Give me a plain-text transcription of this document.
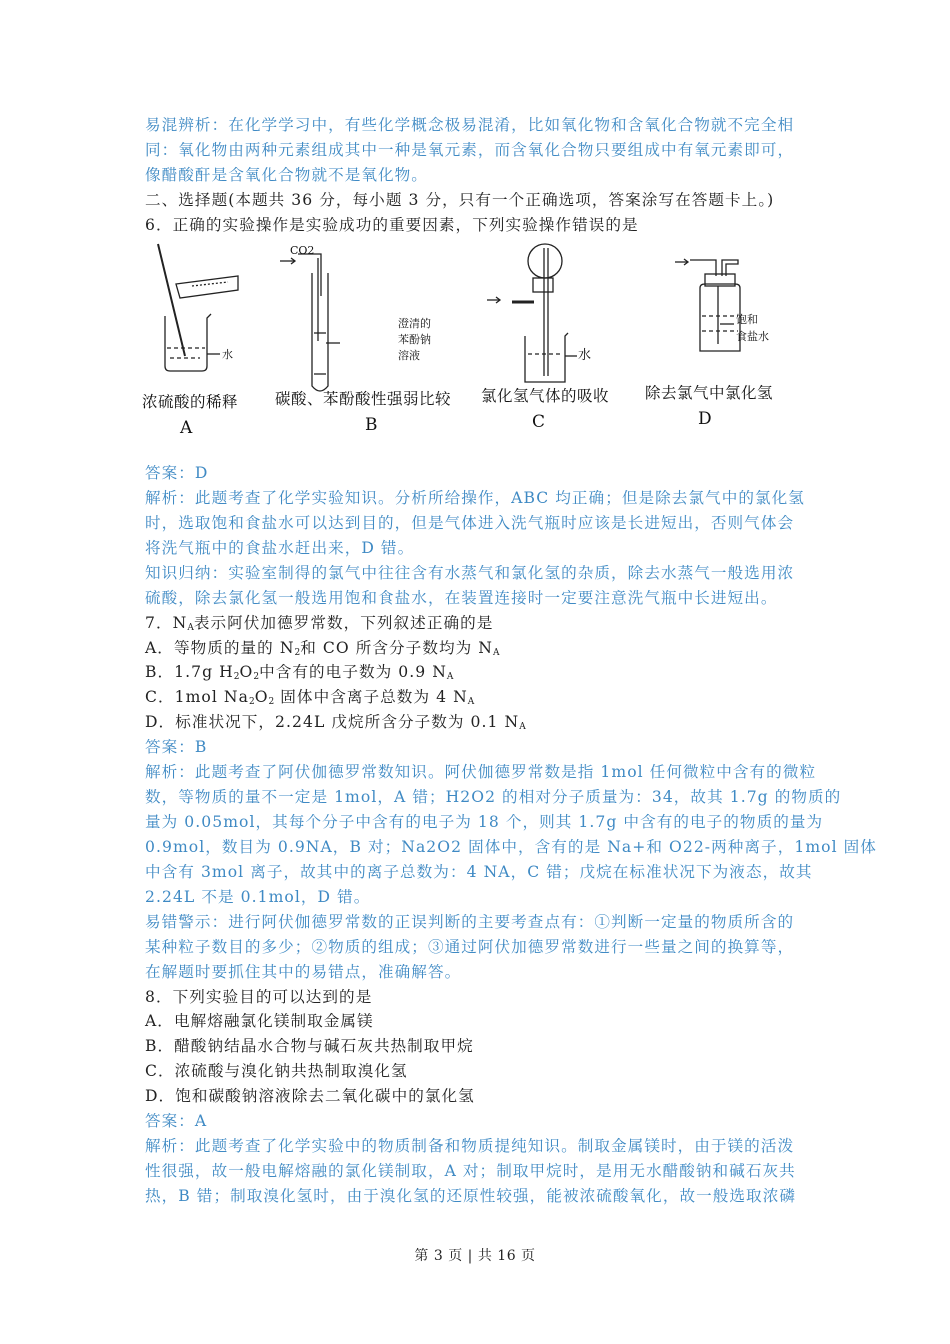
易混辨析：在化学学习中，有些化学概念极易混淆，比如氧化物和含氧化合物就不完全相
同：氧化物由两种元素组成其中一种是氧元素，而含氧化合物只要组成中有氧元素即可，
像醋酸酐是含氧化合物就不是氧化物。
二、选择题(本题共 36 分，每小题 3 分，只有一个正确选项，答案涂写在答题卡上。)
6．正确的实验操作是实验成功的重要因素，下列实验操作错误的是
水
CO2
澄清的
苯酚钠
溶液	水
饱和
食盐水
浓硫酸的稀释 碳酸、苯酚酸性强弱比较 氯化氢气体的吸收 除去氯气中氯化氢
A	B	C	D
答案：D
解析：此题考查了化学实验知识。分析所给操作，ABC 均正确；但是除去氯气中的氯化氢
时，选取饱和食盐水可以达到目的，但是气体进入洗气瓶时应该是长进短出，否则气体会
将洗气瓶中的食盐水赶出来，D 错。
知识归纳：实验室制得的氯气中往往含有水蒸气和氯化氢的杂质，除去水蒸气一般选用浓
硫酸，除去氯化氢一般选用饱和食盐水，在装置连接时一定要注意洗气瓶中长进短出。
7．$N_A$表示阿伏加德罗常数，下列叙述正确的是
A．等物质的量的 $N_2$和 CO 所含分子数均为 $N_A$
B．1.7g $H_2O_2$中含有的电子数为 0.9 $N_A$
C．1mol $Na_2O_2$ 固体中含离子总数为 4 $N_A$
D．标准状况下，2.24L 戊烷所含分子数为 0.1 $N_A$
答案：B
解析：此题考查了阿伏伽德罗常数知识。阿伏伽德罗常数是指 1mol 任何微粒中含有的微粒
数，等物质的量不一定是 1mol，A 错；H2O2 的相对分子质量为：34，故其 1.7g 的物质的
量为 0.05mol，其每个分子中含有的电子为 18 个，则其 1.7g 中含有的电子的物质的量为
0.9mol，数目为 0.9NA，B 对；Na2O2 固体中，含有的是 Na+和 O22-两种离子，1mol 固体
中含有 3mol 离子，故其中的离子总数为：4 NA，C 错；戊烷在标准状况下为液态，故其
2.24L 不是 0.1mol，D 错。
易错警示：进行阿伏伽德罗常数的正误判断的主要考查点有：①判断一定量的物质所含的
某种粒子数目的多少；②物质的组成；③通过阿伏加德罗常数进行一些量之间的换算等，
在解题时要抓住其中的易错点，准确解答。
8．下列实验目的可以达到的是
A．电解熔融氯化镁制取金属镁
B．醋酸钠结晶水合物与碱石灰共热制取甲烷
C．浓硫酸与溴化钠共热制取溴化氢
D．饱和碳酸钠溶液除去二氧化碳中的氯化氢
答案：A
解析：此题考查了化学实验中的物质制备和物质提纯知识。制取金属镁时，由于镁的活泼
性很强，故一般电解熔融的氯化镁制取，A 对；制取甲烷时，是用无水醋酸钠和碱石灰共
热，B 错；制取溴化氢时，由于溴化氢的还原性较强，能被浓硫酸氧化，故一般选取浓磷
第 3 页 | 共 16 页
